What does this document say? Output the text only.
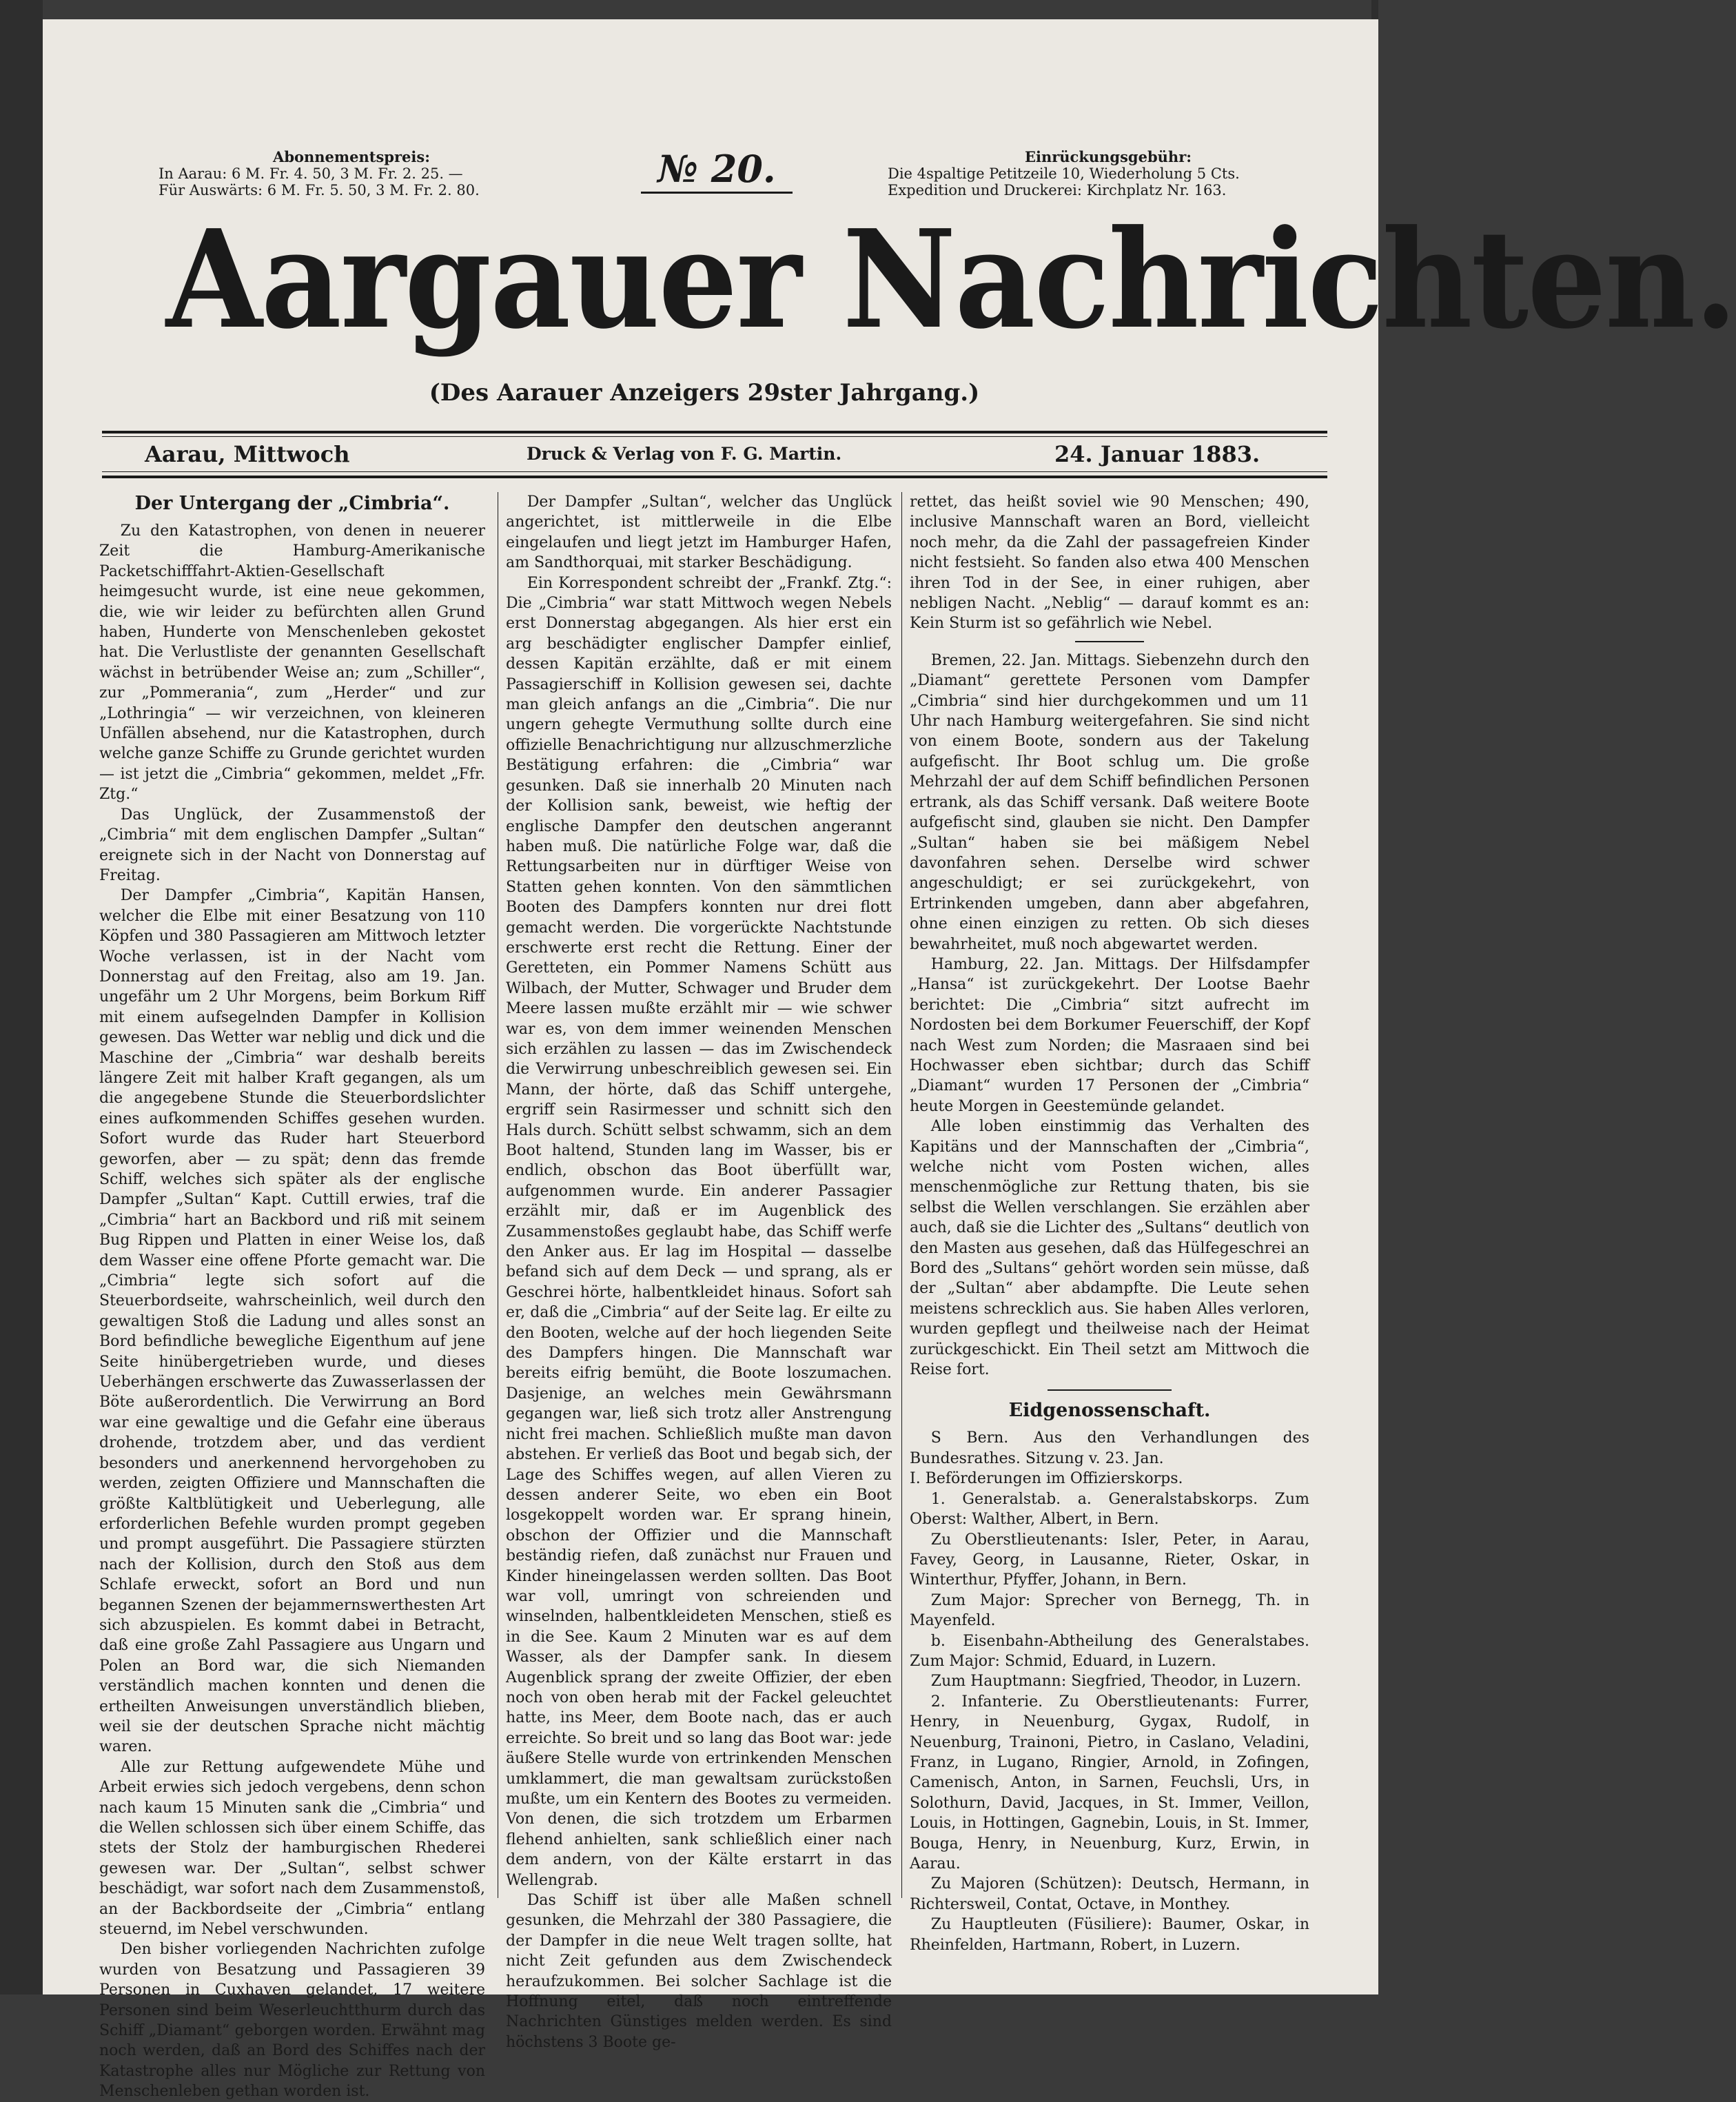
Abonnementspreis:
In Aarau: 6 M. Fr. 4. 50, 3 M. Fr. 2. 25. —
Für Auswärts: 6 M. Fr. 5. 50, 3 M. Fr. 2. 80.	№ 20.	Einrückungsgebühr:
Die 4spaltige Petitzeile 10, Wiederholung 5 Cts.
Expedition und Druckerei: Kirchplatz Nr. 163.
Aargauer Nachrichten.
(Des Aarauer Anzeigers 29ster Jahrgang.)
Aarau, Mittwoch	Druck & Verlag von F. G. Martin.	24. Januar 1883.

Der Untergang der „Cimbria“.

Zu den Katastrophen, von denen in neuerer Zeit die Hamburg-Amerikanische Packetschifffahrt-Aktien-Gesellschaft heimgesucht wurde, ist eine neue gekommen, die, wie wir leider zu befürchten allen Grund haben, Hunderte von Menschenleben gekostet hat. Die Verlustliste der genannten Gesellschaft wächst in betrübender Weise an; zum „Schiller“, zur „Pommerania“, zum „Herder“ und zur „Lothringia“ — wir verzeichnen, von kleineren Unfällen absehend, nur die Katastrophen, durch welche ganze Schiffe zu Grunde gerichtet wurden — ist jetzt die „Cimbria“ gekommen, meldet „Ffr. Ztg.“

Das Unglück, der Zusammenstoß der „Cimbria“ mit dem englischen Dampfer „Sultan“ ereignete sich in der Nacht von Donnerstag auf Freitag.

Der Dampfer „Cimbria“, Kapitän Hansen, welcher die Elbe mit einer Besatzung von 110 Köpfen und 380 Passagieren am Mittwoch letzter Woche verlassen, ist in der Nacht vom Donnerstag auf den Freitag, also am 19. Jan. ungefähr um 2 Uhr Morgens, beim Borkum Riff mit einem aufsegelnden Dampfer in Kollision gewesen. Das Wetter war neblig und dick und die Maschine der „Cimbria“ war deshalb bereits längere Zeit mit halber Kraft gegangen, als um die angegebene Stunde die Steuerbordslichter eines aufkommenden Schiffes gesehen wurden. Sofort wurde das Ruder hart Steuerbord geworfen, aber — zu spät; denn das fremde Schiff, welches sich später als der englische Dampfer „Sultan“ Kapt. Cuttill erwies, traf die „Cimbria“ hart an Backbord und riß mit seinem Bug Rippen und Platten in einer Weise los, daß dem Wasser eine offene Pforte gemacht war. Die „Cimbria“ legte sich sofort auf die Steuerbordseite, wahrscheinlich, weil durch den gewaltigen Stoß die Ladung und alles sonst an Bord befindliche bewegliche Eigenthum auf jene Seite hinübergetrieben wurde, und dieses Ueberhängen erschwerte das Zuwasserlassen der Böte außerordentlich. Die Verwirrung an Bord war eine gewaltige und die Gefahr eine überaus drohende, trotzdem aber, und das verdient besonders und anerkennend hervorgehoben zu werden, zeigten Offiziere und Mannschaften die größte Kaltblütigkeit und Ueberlegung, alle erforderlichen Befehle wurden prompt gegeben und prompt ausgeführt. Die Passagiere stürzten nach der Kollision, durch den Stoß aus dem Schlafe erweckt, sofort an Bord und nun begannen Szenen der bejammernswerthesten Art sich abzuspielen. Es kommt dabei in Betracht, daß eine große Zahl Passagiere aus Ungarn und Polen an Bord war, die sich Niemanden verständlich machen konnten und denen die ertheilten Anweisungen unverständlich blieben, weil sie der deutschen Sprache nicht mächtig waren.

Alle zur Rettung aufgewendete Mühe und Arbeit erwies sich jedoch vergebens, denn schon nach kaum 15 Minuten sank die „Cimbria“ und die Wellen schlossen sich über einem Schiffe, das stets der Stolz der hamburgischen Rhederei gewesen war. Der „Sultan“, selbst schwer beschädigt, war sofort nach dem Zusammenstoß, an der Backbordseite der „Cimbria“ entlang steuernd, im Nebel verschwunden.

Den bisher vorliegenden Nachrichten zufolge wurden von Besatzung und Passagieren 39 Personen in Cuxhaven gelandet, 17 weitere Personen sind beim Weserleuchtthurm durch das Schiff „Diamant“ geborgen worden. Erwähnt mag noch werden, daß an Bord des Schiffes nach der Katastrophe alles nur Mögliche zur Rettung von Menschenleben gethan worden ist.

Der Dampfer „Sultan“, welcher das Unglück angerichtet, ist mittlerweile in die Elbe eingelaufen und liegt jetzt im Hamburger Hafen, am Sandthorquai, mit starker Beschädigung.

Ein Korrespondent schreibt der „Frankf. Ztg.“: Die „Cimbria“ war statt Mittwoch wegen Nebels erst Donnerstag abgegangen. Als hier erst ein arg beschädigter englischer Dampfer einlief, dessen Kapitän erzählte, daß er mit einem Passagierschiff in Kollision gewesen sei, dachte man gleich anfangs an die „Cimbria“. Die nur ungern gehegte Vermuthung sollte durch eine offizielle Benachrichtigung nur allzuschmerzliche Bestätigung erfahren: die „Cimbria“ war gesunken. Daß sie innerhalb 20 Minuten nach der Kollision sank, beweist, wie heftig der englische Dampfer den deutschen angerannt haben muß. Die natürliche Folge war, daß die Rettungsarbeiten nur in dürftiger Weise von Statten gehen konnten. Von den sämmtlichen Booten des Dampfers konnten nur drei flott gemacht werden. Die vorgerückte Nachtstunde erschwerte erst recht die Rettung. Einer der Geretteten, ein Pommer Namens Schütt aus Wilbach, der Mutter, Schwager und Bruder dem Meere lassen mußte erzählt mir — wie schwer war es, von dem immer weinenden Menschen sich erzählen zu lassen — das im Zwischendeck die Verwirrung unbeschreiblich gewesen sei. Ein Mann, der hörte, daß das Schiff untergehe, ergriff sein Rasirmesser und schnitt sich den Hals durch. Schütt selbst schwamm, sich an dem Boot haltend, Stunden lang im Wasser, bis er endlich, obschon das Boot überfüllt war, aufgenommen wurde. Ein anderer Passagier erzählt mir, daß er im Augenblick des Zusammenstoßes geglaubt habe, das Schiff werfe den Anker aus. Er lag im Hospital — dasselbe befand sich auf dem Deck — und sprang, als er Geschrei hörte, halbentkleidet hinaus. Sofort sah er, daß die „Cimbria“ auf der Seite lag. Er eilte zu den Booten, welche auf der hoch liegenden Seite des Dampfers hingen. Die Mannschaft war bereits eifrig bemüht, die Boote loszumachen. Dasjenige, an welches mein Gewährsmann gegangen war, ließ sich trotz aller Anstrengung nicht frei machen. Schließlich mußte man davon abstehen. Er verließ das Boot und begab sich, der Lage des Schiffes wegen, auf allen Vieren zu dessen anderer Seite, wo eben ein Boot losgekoppelt worden war. Er sprang hinein, obschon der Offizier und die Mannschaft beständig riefen, daß zunächst nur Frauen und Kinder hineingelassen werden sollten. Das Boot war voll, umringt von schreienden und winselnden, halbentkleideten Menschen, stieß es in die See. Kaum 2 Minuten war es auf dem Wasser, als der Dampfer sank. In diesem Augenblick sprang der zweite Offizier, der eben noch von oben herab mit der Fackel geleuchtet hatte, ins Meer, dem Boote nach, das er auch erreichte. So breit und so lang das Boot war: jede äußere Stelle wurde von ertrinkenden Menschen umklammert, die man gewaltsam zurückstoßen mußte, um ein Kentern des Bootes zu vermeiden. Von denen, die sich trotzdem um Erbarmen flehend anhielten, sank schließlich einer nach dem andern, von der Kälte erstarrt in das Wellengrab.

Das Schiff ist über alle Maßen schnell gesunken, die Mehrzahl der 380 Passagiere, die der Dampfer in die neue Welt tragen sollte, hat nicht Zeit gefunden aus dem Zwischendeck heraufzukommen. Bei solcher Sachlage ist die Hoffnung eitel, daß noch eintreffende Nachrichten Günstiges melden werden. Es sind höchstens 3 Boote ge-

rettet, das heißt soviel wie 90 Menschen; 490, inclusive Mannschaft waren an Bord, vielleicht noch mehr, da die Zahl der passagefreien Kinder nicht festsieht. So fanden also etwa 400 Menschen ihren Tod in der See, in einer ruhigen, aber nebligen Nacht. „Neblig“ — darauf kommt es an: Kein Sturm ist so gefährlich wie Nebel.

Bremen, 22. Jan. Mittags. Siebenzehn durch den „Diamant“ gerettete Personen vom Dampfer „Cimbria“ sind hier durchgekommen und um 11 Uhr nach Hamburg weitergefahren. Sie sind nicht von einem Boote, sondern aus der Takelung aufgefischt. Ihr Boot schlug um. Die große Mehrzahl der auf dem Schiff befindlichen Personen ertrank, als das Schiff versank. Daß weitere Boote aufgefischt sind, glauben sie nicht. Den Dampfer „Sultan“ haben sie bei mäßigem Nebel davonfahren sehen. Derselbe wird schwer angeschuldigt; er sei zurückgekehrt, von Ertrinkenden umgeben, dann aber abgefahren, ohne einen einzigen zu retten. Ob sich dieses bewahrheitet, muß noch abgewartet werden.

Hamburg, 22. Jan. Mittags. Der Hilfsdampfer „Hansa“ ist zurückgekehrt. Der Lootse Baehr berichtet: Die „Cimbria“ sitzt aufrecht im Nordosten bei dem Borkumer Feuerschiff, der Kopf nach West zum Norden; die Masraaen sind bei Hochwasser eben sichtbar; durch das Schiff „Diamant“ wurden 17 Personen der „Cimbria“ heute Morgen in Geestemünde gelandet.

Alle loben einstimmig das Verhalten des Kapitäns und der Mannschaften der „Cimbria“, welche nicht vom Posten wichen, alles menschenmögliche zur Rettung thaten, bis sie selbst die Wellen verschlangen. Sie erzählen aber auch, daß sie die Lichter des „Sultans“ deutlich von den Masten aus gesehen, daß das Hülfegeschrei an Bord des „Sultans“ gehört worden sein müsse, daß der „Sultan“ aber abdampfte. Die Leute sehen meistens schrecklich aus. Sie haben Alles verloren, wurden gepflegt und theilweise nach der Heimat zurückgeschickt. Ein Theil setzt am Mittwoch die Reise fort.

Eidgenossenschaft.

S Bern. Aus den Verhandlungen des Bundesrathes. Sitzung v. 23. Jan.

I. Beförderungen im Offizierskorps.

1. Generalstab. a. Generalstabskorps. Zum Oberst: Walther, Albert, in Bern.

Zu Oberstlieutenants: Isler, Peter, in Aarau, Favey, Georg, in Lausanne, Rieter, Oskar, in Winterthur, Pfyffer, Johann, in Bern.

Zum Major: Sprecher von Bernegg, Th. in Mayenfeld.

b. Eisenbahn-Abtheilung des Generalstabes. Zum Major: Schmid, Eduard, in Luzern.

Zum Hauptmann: Siegfried, Theodor, in Luzern.

2. Infanterie. Zu Oberstlieutenants: Furrer, Henry, in Neuenburg, Gygax, Rudolf, in Neuenburg, Trainoni, Pietro, in Caslano, Veladini, Franz, in Lugano, Ringier, Arnold, in Zofingen, Camenisch, Anton, in Sarnen, Feuchsli, Urs, in Solothurn, David, Jacques, in St. Immer, Veillon, Louis, in Hottingen, Gagnebin, Louis, in St. Immer, Bouga, Henry, in Neuenburg, Kurz, Erwin, in Aarau.

Zu Majoren (Schützen): Deutsch, Hermann, in Richtersweil, Contat, Octave, in Monthey.

Zu Hauptleuten (Füsiliere): Baumer, Oskar, in Rheinfelden, Hartmann, Robert, in Luzern.
